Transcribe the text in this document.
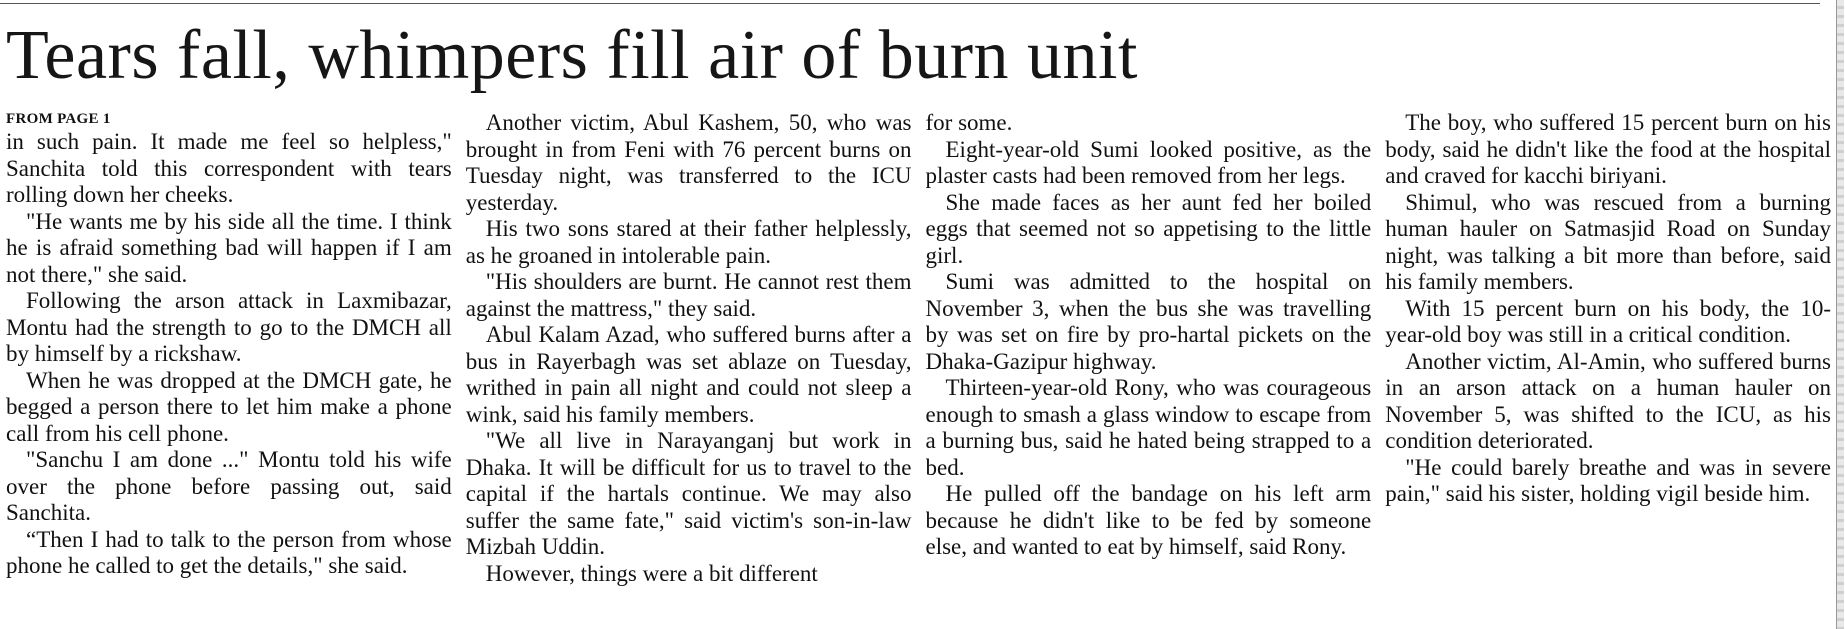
Tears fall, whimpers fill air of burn unit
FROM PAGE 1

in such pain. It made me feel so helpless," Sanchita told this correspondent with tears rolling down her cheeks.

"He wants me by his side all the time. I think he is afraid something bad will happen if I am not there," she said.

Following the arson attack in Laxmibazar, Montu had the strength to go to the DMCH all by himself by a rickshaw.

When he was dropped at the DMCH gate, he begged a person there to let him make a phone call from his cell phone.

"Sanchu I am done ..." Montu told his wife over the phone before passing out, said Sanchita.

“Then I had to talk to the person from whose phone he called to get the details," she said.

Another victim, Abul Kashem, 50, who was brought in from Feni with 76 percent burns on Tuesday night, was transferred to the ICU yesterday.

His two sons stared at their father helplessly, as he groaned in intolerable pain.

"His shoulders are burnt. He cannot rest them against the mattress," they said.

Abul Kalam Azad, who suffered burns after a bus in Rayerbagh was set ablaze on Tuesday, writhed in pain all night and could not sleep a wink, said his family members.

"We all live in Narayanganj but work in Dhaka. It will be difficult for us to travel to the capital if the hartals continue. We may also suffer the same fate," said victim's son-in-law Mizbah Uddin.

However, things were a bit different

for some.

Eight-year-old Sumi looked positive, as the plaster casts had been removed from her legs.

She made faces as her aunt fed her boiled eggs that seemed not so appetising to the little girl.

Sumi was admitted to the hospital on November 3, when the bus she was travelling by was set on fire by pro-hartal pickets on the Dhaka-Gazipur highway.

Thirteen-year-old Rony, who was courageous enough to smash a glass window to escape from a burning bus, said he hated being strapped to a bed.

He pulled off the bandage on his left arm because he didn't like to be fed by someone else, and wanted to eat by himself, said Rony.

The boy, who suffered 15 percent burn on his body, said he didn't like the food at the hospital and craved for kacchi biriyani.

Shimul, who was rescued from a burning human hauler on Satmasjid Road on Sunday night, was talking a bit more than before, said his family members.

With 15 percent burn on his body, the 10-year-old boy was still in a critical condition.

Another victim, Al-Amin, who suffered burns in an arson attack on a human hauler on November 5, was shifted to the ICU, as his condition deteriorated.

"He could barely breathe and was in severe pain," said his sister, holding vigil beside him.
